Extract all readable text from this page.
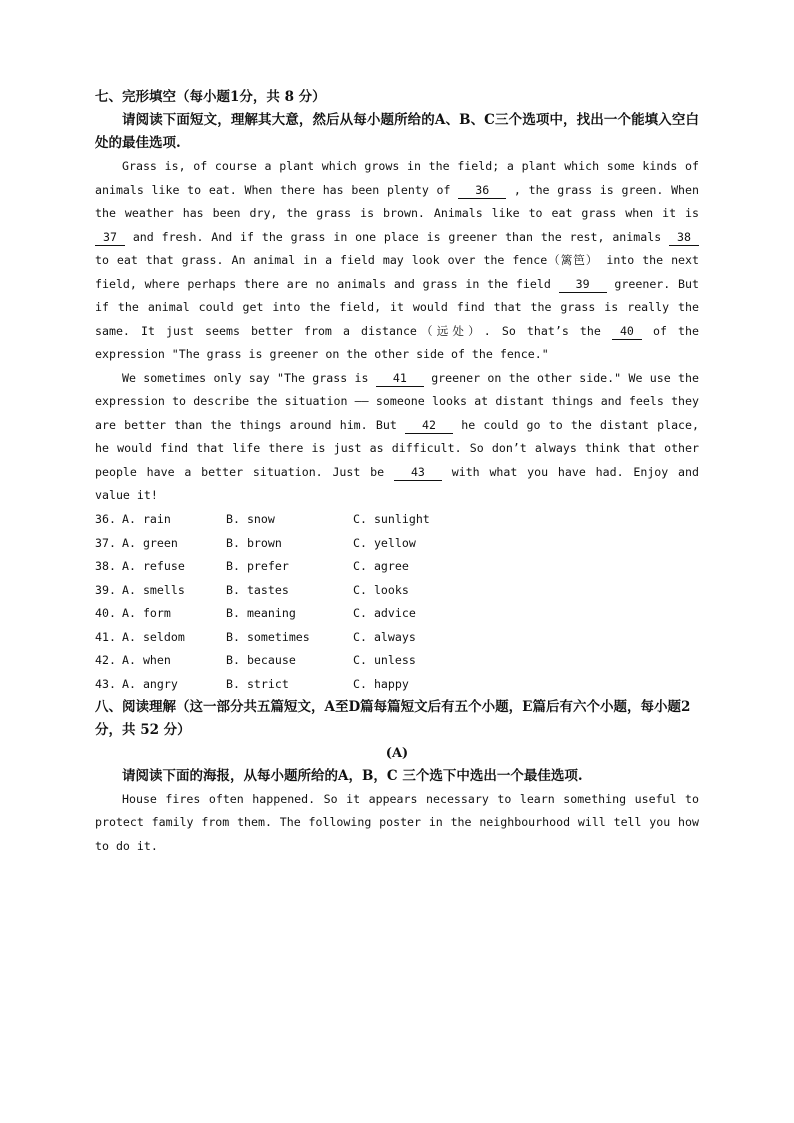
七、完形填空（每小题1分，共 8 分）
请阅读下面短文，理解其大意，然后从每小题所给的A、B、C三个选项中，找出一个能填入空白处的最佳选项.

Grass is, of course a plant which grows in the field; a plant which some kinds of animals like to eat. When there has been plenty of 36 , the grass is green. When the weather has been dry, the grass is brown. Animals like to eat grass when it is 37 and fresh. And if the grass in one place is greener than the rest, animals 38 to eat that grass. An animal in a field may look over the fence（篱笆） into the next field, where perhaps there are no animals and grass in the field 39 greener. But if the animal could get into the field, it would find that the grass is really the same. It just seems better from a distance（远处）. So that’s the 40 of the expression "The grass is greener on the other side of the fence."

We sometimes only say "The grass is 41 greener on the other side." We use the expression to describe the situation —— someone looks at distant things and feels they are better than the things around him. But 42 he could go to the distant place, he would find that life there is just as difficult. So don’t always think that other people have a better situation. Just be 43 with what you have had. Enjoy and value it!

36. A. rain	B. snow	C. sunlight
37. A. green	B. brown	C. yellow
38. A. refuse	B. prefer	C. agree
39. A. smells	B. tastes	C. looks
40. A. form	B. meaning	C. advice
41. A. seldom	B. sometimes	C. always
42. A. when	B. because	C. unless
43. A. angry	B. strict	C. happy
八、阅读理解（这一部分共五篇短文，A至D篇每篇短文后有五个小题，E篇后有六个小题，每小题2分，共 52 分）
(A)
请阅读下面的海报，从每小题所给的A，B，C 三个选下中选出一个最佳选项.

House fires often happened. So it appears necessary to learn something useful to protect family from them. The following poster in the neighbourhood will tell you how to do it.
